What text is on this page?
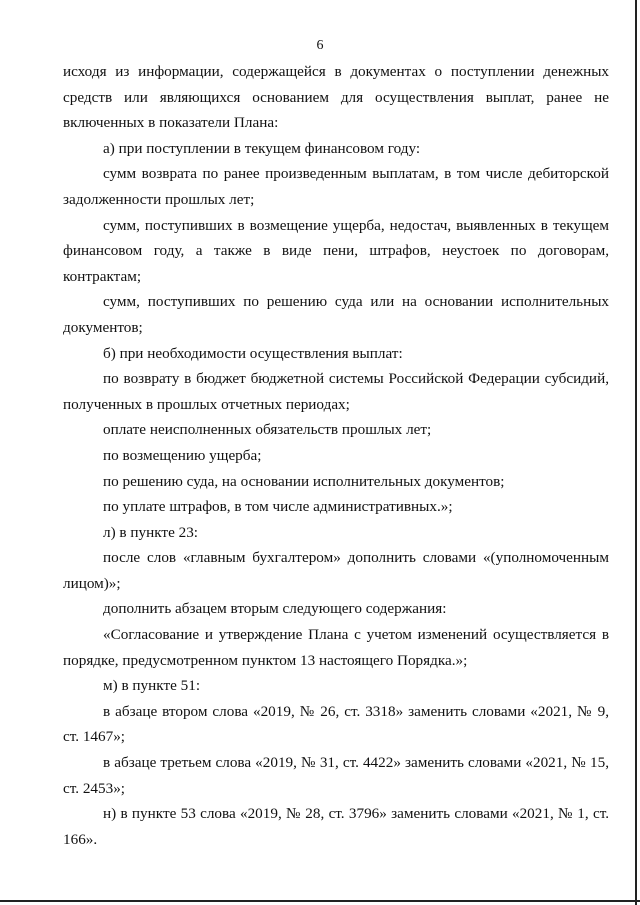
6

исходя из информации, содержащейся в документах о поступлении денежных средств или являющихся основанием для осуществления выплат, ранее не включенных в показатели Плана:

а) при поступлении в текущем финансовом году:

сумм возврата по ранее произведенным выплатам, в том числе дебиторской задолженности прошлых лет;

сумм, поступивших в возмещение ущерба, недостач, выявленных в текущем финансовом году, а также в виде пени, штрафов, неустоек по договорам, контрактам;

сумм, поступивших по решению суда или на основании исполнительных документов;

б) при необходимости осуществления выплат:

по возврату в бюджет бюджетной системы Российской Федерации субсидий, полученных в прошлых отчетных периодах;

оплате неисполненных обязательств прошлых лет;

по возмещению ущерба;

по решению суда, на основании исполнительных документов;

по уплате штрафов, в том числе административных.»;

л) в пункте 23:

после слов «главным бухгалтером» дополнить словами «(уполномоченным лицом)»;

дополнить абзацем вторым следующего содержания:

«Согласование и утверждение Плана с учетом изменений осуществляется в порядке, предусмотренном пунктом 13 настоящего Порядка.»;

м) в пункте 51:

в абзаце втором слова «2019, № 26, ст. 3318» заменить словами «2021, № 9, ст. 1467»;

в абзаце третьем слова «2019, № 31, ст. 4422» заменить словами «2021, № 15, ст. 2453»;

н) в пункте 53 слова «2019, № 28, ст. 3796» заменить словами «2021, № 1, ст. 166».
